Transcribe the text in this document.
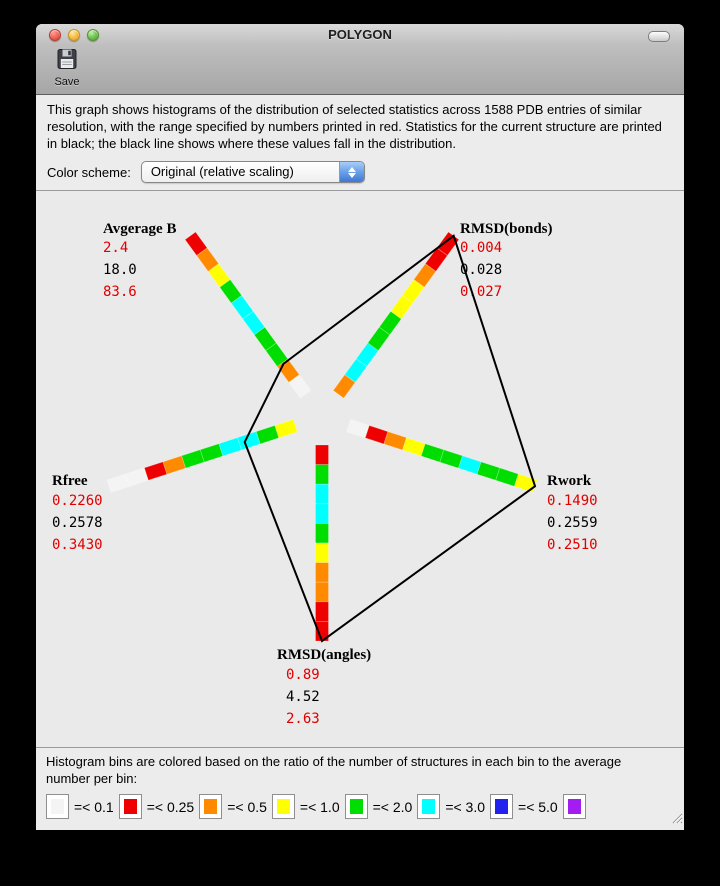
POLYGON
Save

This graph shows histograms of the distribution of selected statistics across 1588 PDB entries of similar resolution, with the range specified by numbers printed in red. Statistics for the current structure are printed in black; the black line shows where these values fall in the distribution.

Color scheme: Original (relative scaling)
Avgerage B
2.4
18.0
83.6
RMSD(bonds)
0.004
0.028
0.027
Rwork
0.1490
0.2559
0.2510
RMSD(angles)
0.89
4.52
2.63
Rfree
0.2260
0.2578
0.3430

Histogram bins are colored based on the ratio of the number of structures in each bin to the average number per bin:

=< 0.1 =< 0.25 =< 0.5 =< 1.0 =< 2.0 =< 3.0 =< 5.0
